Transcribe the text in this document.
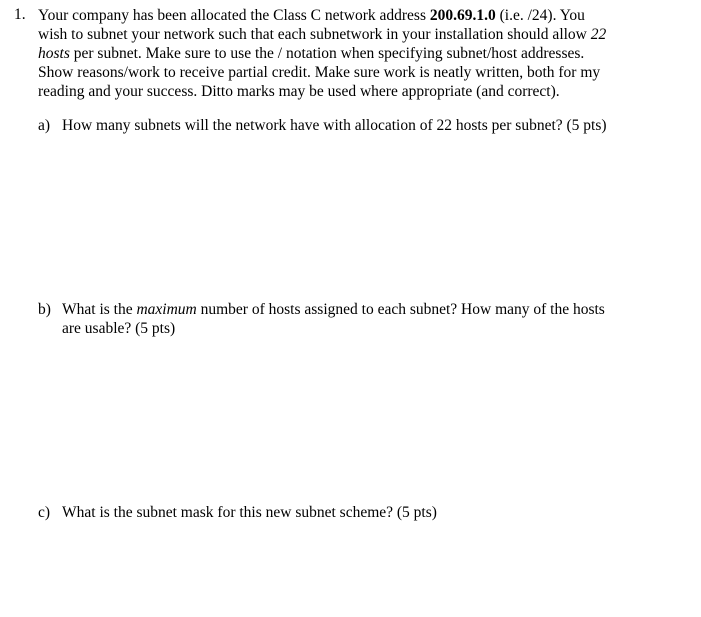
1. Your company has been allocated the Class C network address 200.69.1.0 (i.e. /24). You
wish to subnet your network such that each subnetwork in your installation should allow 22
hosts per subnet. Make sure to use the / notation when specifying subnet/host addresses.
Show reasons/work to receive partial credit. Make sure work is neatly written, both for my
reading and your success. Ditto marks may be used where appropriate (and correct).
a) How many subnets will the network have with allocation of 22 hosts per subnet? (5 pts)
b) What is the maximum number of hosts assigned to each subnet? How many of the hosts
are usable? (5 pts)
c) What is the subnet mask for this new subnet scheme? (5 pts)
